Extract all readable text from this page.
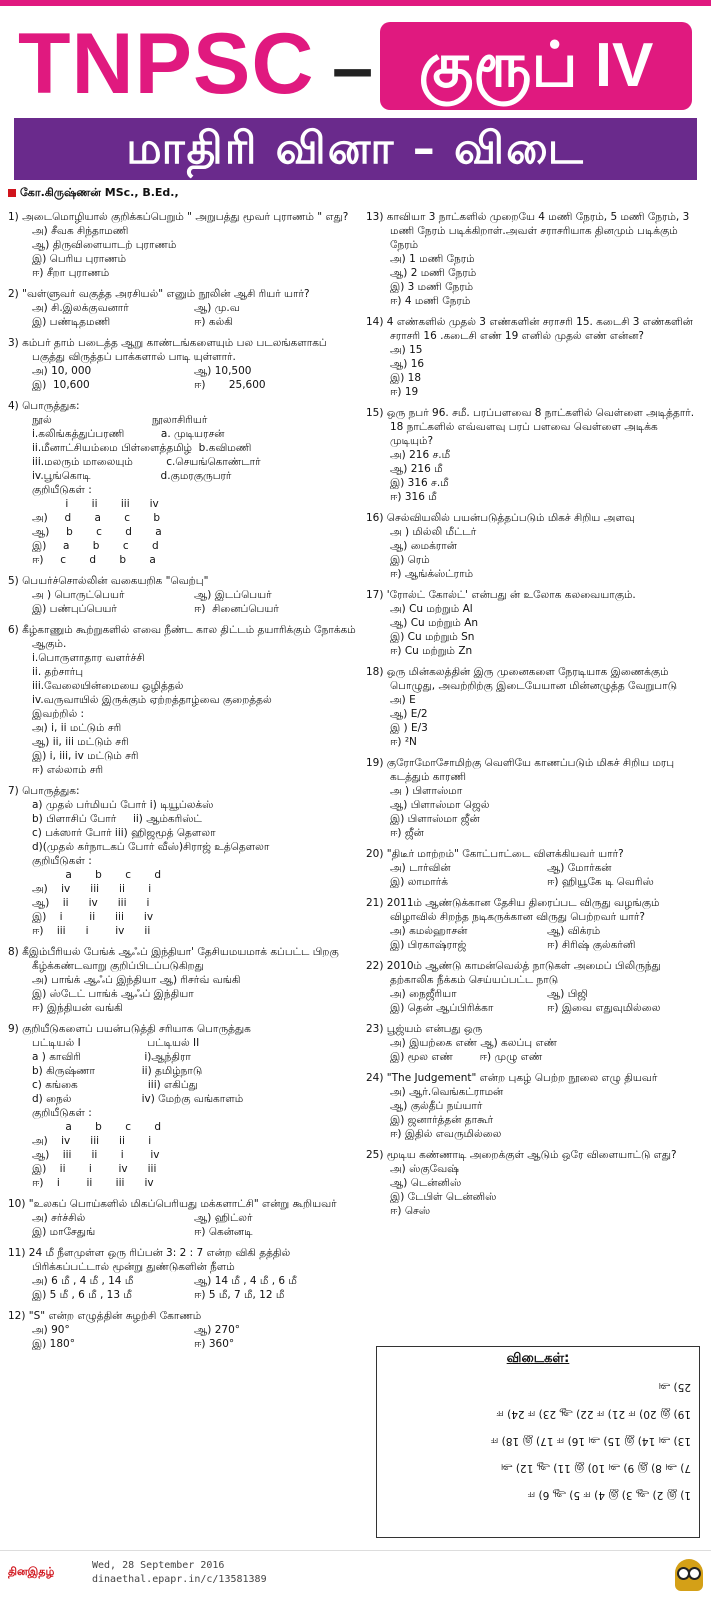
TNPSC – குரூப் IV
மாதிரி வினா – விடை
கோ.கிருஷ்ணன் MSc., B.Ed.,
1) அடைமொழியால் குறிக்கப்பெறும் " அறுபத்து மூவர் புராணம் " எது?
அ) சீவக சிந்தாமணி
ஆ) திருவிளையாடற் புராணம்
இ) பெரிய புராணம்
ஈ) சீறா புராணம்
2) "வள்ளுவர் வகுத்த அரசியல்" எனும் நூலின் ஆசி ரியர் யார்?
அ) சி.இலக்குவனார்	ஆ) மு.வ
இ) பண்டிதமணி	ஈ) கல்கி
3) கம்பர் தாம் படைத்த ஆறு காண்டங்களையும் பல படலங்களாகப் பகுத்து விருத்தப் பாக்களால் பாடி யுள்ளார்.
அ) 10, 000	ஆ) 10,500
இ)  10,600	ஈ)       25,600
4) பொருத்துக:
நூல்                              நூலாசிரியர்
i.கலிங்கத்துப்பரணி           a. முடியரசன்
ii.மீனாட்சியம்மை பிள்ளைத்தமிழ்  b.கவிமணி
iii.மலரும் மாலையும்          c.செயங்கொண்டார்
iv.பூங்கொடி                     d.குமரகுருபரர்
குறியீடுகள் :
i       ii       iii      iv
அ)     d       a       c       b
ஆ)     b       c       d       a
இ)     a       b       c       d
ஈ)     c       d       b       a
5) பெயர்ச்சொல்லின் வகையறிக "வெற்பு"
அ ) பொருட்பெயர்	ஆ) இடப்பெயர்
இ) பண்புப்பெயர்	ஈ)  சினைப்பெயர்
6) கீழ்காணும் கூற்றுகளில் எவை நீண்ட கால திட்டம் தயாரிக்கும் நோக்கம் ஆகும்.
i.பொருளாதார வளர்ச்சி
ii. தற்சார்பு
iii.வேலையின்மையை ஒழித்தல்
iv.வருவாயில் இருக்கும் ஏற்றத்தாழ்வை குறைத்தல்
இவற்றில் :
அ) i, ii மட்டும் சரி
ஆ) ii, iii மட்டும் சரி
இ) i, iii, iv மட்டும் சரி
ஈ) எல்லாம் சரி
7) பொருத்துக:
a) முதல் பர்மியப் போர் i) டியூப்லக்ஸ்
b) பிளாசிப் போர்     ii) ஆம்கரிஸ்ட்
c) பக்ஸார் போர் iii) ஹிஜமூத் தௌலா
d)(முதல் கர்நாடகப் போர் வீஸ்)சிராஜ் உத்தௌலா
குறியீடுகள் :
a       b       c       d
அ)    iv      iii      ii       i
ஆ)    ii      iv      iii      i
இ)    i        ii      iii      iv
ஈ)    iii      i        iv      ii
8) கீஇம்பீரியல் பேங்க் ஆஃப் இந்தியா' தேசியமயமாக் கப்பட்ட பிறகு கீழ்க்கண்டவாறு குறிப்பிடப்படுகிறது
அ) பாங்க் ஆஃப் இந்தியா ஆ) ரிசர்வ் வங்கி
இ) ஸ்டேட் பாங்க் ஆஃப் இந்தியா
ஈ) இந்தியன் வங்கி
9) குறியீடுகளைப் பயன்படுத்தி சரியாக பொருத்துக
பட்டியல் I                    பட்டியல் II
a ) காவிரி                   i)ஆந்திரா
b) கிருஷ்ணா              ii) தமிழ்நாடு
c) கங்கை                     iii) எகிப்து
d) நைல்                     iv) மேற்கு வங்காளம்
குறியீடுகள் :
a       b       c       d
அ)    iv      iii      ii       i
ஆ)    iii      ii       i        iv
இ)    ii       i        iv      iii
ஈ)    i        ii       iii      iv
10) "உலகப் பொய்களில் மிகப்பெரியது மக்களாட்சி" என்று கூறியவர்
அ) சர்ச்சில்	ஆ) ஹிட்லர்
இ) மாசேதுங்	ஈ) கென்னடி
11) 24 மீ நீளமுள்ள ஒரு ரிப்பன் 3: 2 : 7 என்ற விகி தத்தில் பிரிக்கப்பட்டால் மூன்று துண்டுகளின் நீளம்
அ) 6 மீ , 4 மீ , 14 மீ	ஆ) 14 மீ , 4 மீ , 6 மீ
இ) 5 மீ , 6 மீ , 13 மீ	ஈ) 5 மீ, 7 மீ, 12 மீ
12) "S" என்ற எழுத்தின் சுழற்சி கோணம்
அ) 90°	ஆ) 270°
இ) 180°	ஈ) 360°
13) காவியா 3 நாட்களில் முறையே 4 மணி நேரம், 5 மணி நேரம், 3 மணி நேரம் படிக்கிறாள்.அவள் சராசரியாக தினமும் படிக்கும் நேரம்
அ) 1 மணி நேரம்
ஆ) 2 மணி நேரம்
இ) 3 மணி நேரம்
ஈ) 4 மணி நேரம்
14) 4 எண்களில் முதல் 3 எண்களின் சராசரி 15. கடைசி 3 எண்களின் சராசரி 16 .கடைசி எண் 19 எனில் முதல் எண் என்ன?
அ) 15
ஆ) 16
இ) 18
ஈ) 19
15) ஒரு நபர் 96. சமீ. பரப்பளவை 8 நாட்களில் வெள்ளை அடித்தார். 18 நாட்களில் எவ்வளவு பரப் பளவை வெள்ளை அடிக்க முடியும்?
அ) 216 ச.மீ
ஆ) 216 மீ
இ) 316 ச.மீ
ஈ) 316 மீ
16) செல்வியலில் பயன்படுத்தப்படும் மிகச் சிறிய அளவு
அ ) மில்லி மீட்டர்
ஆ) மைக்ரான்
இ) ரெம்
ஈ) ஆங்க்ஸ்ட்ராம்
17) 'ரோல்ட் கோல்ட்' என்பது ன் உலோக கலவையாகும்.
அ) Cu மற்றும் Al
ஆ) Cu மற்றும் An
இ) Cu மற்றும் Sn
ஈ) Cu மற்றும் Zn
18) ஒரு மின்கலத்தின் இரு முனைகளை நேரடியாக இணைக்கும் பொழுது, அவற்றிற்கு இடையேயான மின்னழுத்த வேறுபாடு
அ) E
ஆ) E/2
இ ) E/3
ஈ) ²N
19) குரோமோசோமிற்கு வெளியே காணப்படும் மிகச் சிறிய மரபு கடத்தும் காரணி
அ ) பிளாஸ்மா
ஆ) பிளாஸ்மா ஜெல்
இ) பிளாஸ்மா ஜீன்
ஈ) ஜீன்
20) "திடீர் மாற்றம்" கோட்பாட்டை விளக்கியவர் யார்?
அ) டார்வின்	ஆ) மோர்கன்
இ) லாமார்க்	ஈ) ஹியூகே டி வெரிஸ்
21) 2011ம் ஆண்டுக்கான தேசிய திரைப்பட விருது வழங்கும் விழாவில் சிறந்த நடிகருக்கான விருது பெற்றவர் யார்?
அ) கமல்ஹாசன்	ஆ) விக்ரம்
இ) பிரகாஷ்ராஜ்	ஈ) சிரிஷ் குல்கர்னி
22) 2010ம் ஆண்டு காமன்வெல்த் நாடுகள் அமைப் பிலிருந்து தற்காலிக நீக்கம் செய்யப்பட்ட நாடு
அ) நைஜீரியா	ஆ) பிஜி
இ) தென் ஆப்பிரிக்கா	ஈ) இவை எதுவுமில்லை
23) பூஜ்யம் என்பது ஒரு
அ) இயற்கை எண் ஆ) கலப்பு எண்
இ) மூல எண்        ஈ) முழு எண்
24) "The Judgement" என்ற புகழ் பெற்ற நூலை எழு தியவர்
அ) ஆர்.வெங்கட்ராமன்
ஆ) குல்தீப் நய்யார்
இ) ஜனார்த்தன் தாகூர்
ஈ) இதில் எவருமில்லை
25) மூடிய கண்ணாடி அறைக்குள் ஆடும் ஒரே விளையாட்டு எது?
அ) ஸ்குவேஷ்
ஆ) டென்னிஸ்
இ) டேபிள் டென்னிஸ்
ஈ) செஸ்
விடைகள்:
1) இ 2) ஆ 3) இ 4) ஈ 5) ஆ 6) ஈ
7) அ 8) இ 9) அ 10) இ 11) ஆ 12) அ
13) அ 14) இ 15) அ 16) ஈ 17) இ 18) ஈ
19) இ 20) ஈ 21) ஈ 22) ஆ 23) ஈ 24) ஈ
25) அ
தினஇதழ்	Wed, 28 September 2016
dinaethal.epapr.in/c/13581389
